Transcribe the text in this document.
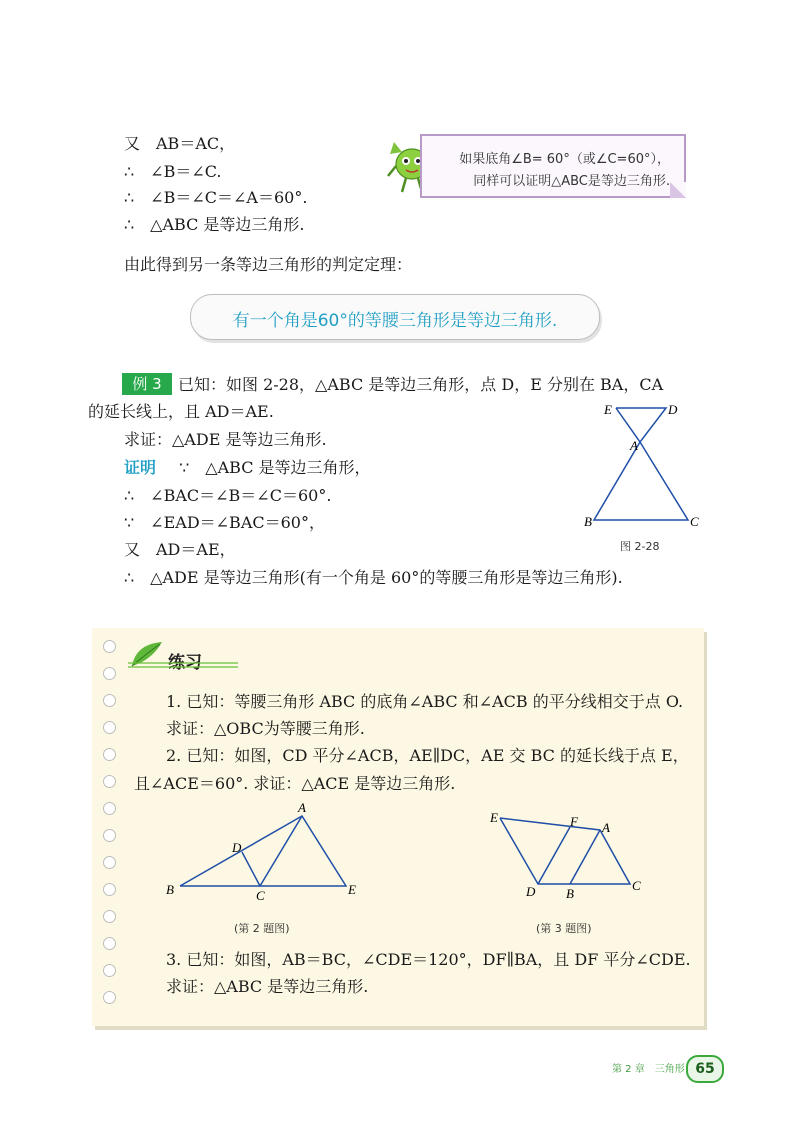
又　AB＝AC，
∴　∠B＝∠C.
∴　∠B＝∠C＝∠A＝60°.
∴　△ABC 是等边三角形.
如果底角∠B= 60°（或∠C=60°），
同样可以证明△ABC是等边三角形.
由此得到另一条等边三角形的判定定理：
有一个角是60°的等腰三角形是等边三角形.
例 3	已知：如图 2-28，△ABC 是等边三角形，点 D，E 分别在 BA，CA
的延长线上，且 AD＝AE.
求证：△ADE 是等边三角形.
证明 ∵　△ABC 是等边三角形，
∴　∠BAC＝∠B＝∠C＝60°.
∵　∠EAD＝∠BAC＝60°，
又　AD＝AE，
∴　△ADE 是等边三角形(有一个角是 60°的等腰三角形是等边三角形).
E	D
A
B	C
图 2-28
练习
1. 已知：等腰三角形 ABC 的底角∠ABC 和∠ACB 的平分线相交于点 O.
求证：△OBC为等腰三角形.
2. 已知：如图，CD 平分∠ACB，AE∥DC，AE 交 BC 的延长线于点 E，
且∠ACE＝60°. 求证：△ACE 是等边三角形.
A
D
B	C	E
(第 2 题图)
E	F A
D B
C
(第 3 题图)
3. 已知：如图，AB＝BC，∠CDE＝120°，DF∥BA，且 DF 平分∠CDE.
求证：△ABC 是等边三角形.
第 2 章　三角形 65
